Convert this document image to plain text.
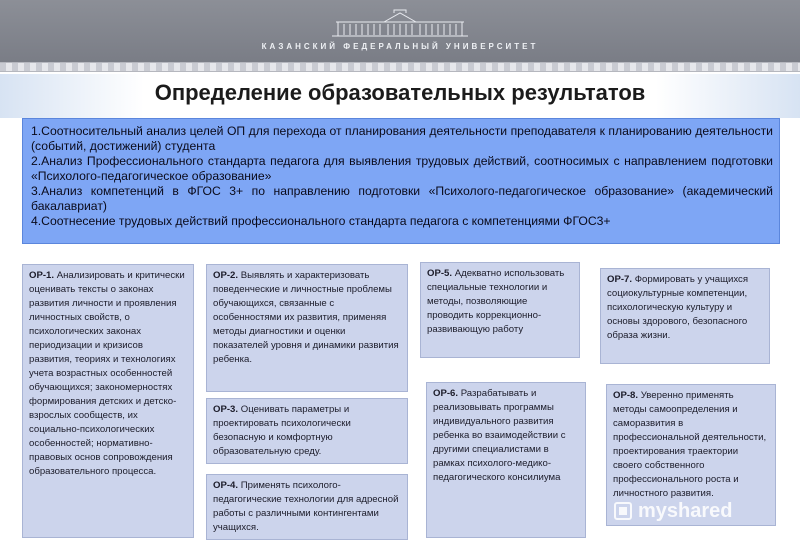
КАЗАНСКИЙ ФЕДЕРАЛЬНЫЙ УНИВЕРСИТЕТ
Определение образовательных результатов

1.Соотносительный анализ целей ОП для перехода от планирования деятельности преподавателя к планированию деятельности (событий, достижений) студента

2.Анализ Профессионального стандарта педагога для выявления трудовых действий, соотносимых с направлением подготовки «Психолого-педагогическое образование»

3.Анализ компетенций в ФГОС 3+ по направлению подготовки «Психолого-педагогическое образование» (академический бакалавриат)

4.Соотнесение трудовых действий профессионального стандарта педагога с компетенциями ФГОС3+

ОР-1. Анализировать и критически оценивать тексты о законах развития личности и проявления личностных свойств, о психологических законах периодизации и кризисов развития, теориях и технологиях учета возрастных особенностей обучающихся; закономерностях формирования детских и детско-взрослых сообществ, их социально-психологических особенностей; нормативно-правовых основ сопровождения образовательного процесса.
ОР-2. Выявлять и характеризовать поведенческие и личностные проблемы обучающихся, связанные с особенностями их развития, применяя методы диагностики и оценки показателей уровня и динамики развития ребенка.
ОР-3. Оценивать параметры и проектировать психологически безопасную и комфортную образовательную среду.
ОР-4. Применять психолого-педагогические технологии для адресной работы с различными контингентами учащихся.
ОР-5. Адекватно использовать специальные технологии и методы, позволяющие проводить коррекционно-развивающую работу
ОР-6. Разрабатывать и реализовывать программы индивидуального развития ребенка во взаимодействии с другими специалистами в рамках психолого-медико-педагогического консилиума
ОР-7. Формировать у учащихся социокультурные компетенции, психологическую культуру и основы здорового, безопасного образа жизни.
ОР-8. Уверенно применять методы самоопределения и саморазвития в профессиональной деятельности, проектирования траектории своего собственного профессионального роста и личностного развития.
myshared
